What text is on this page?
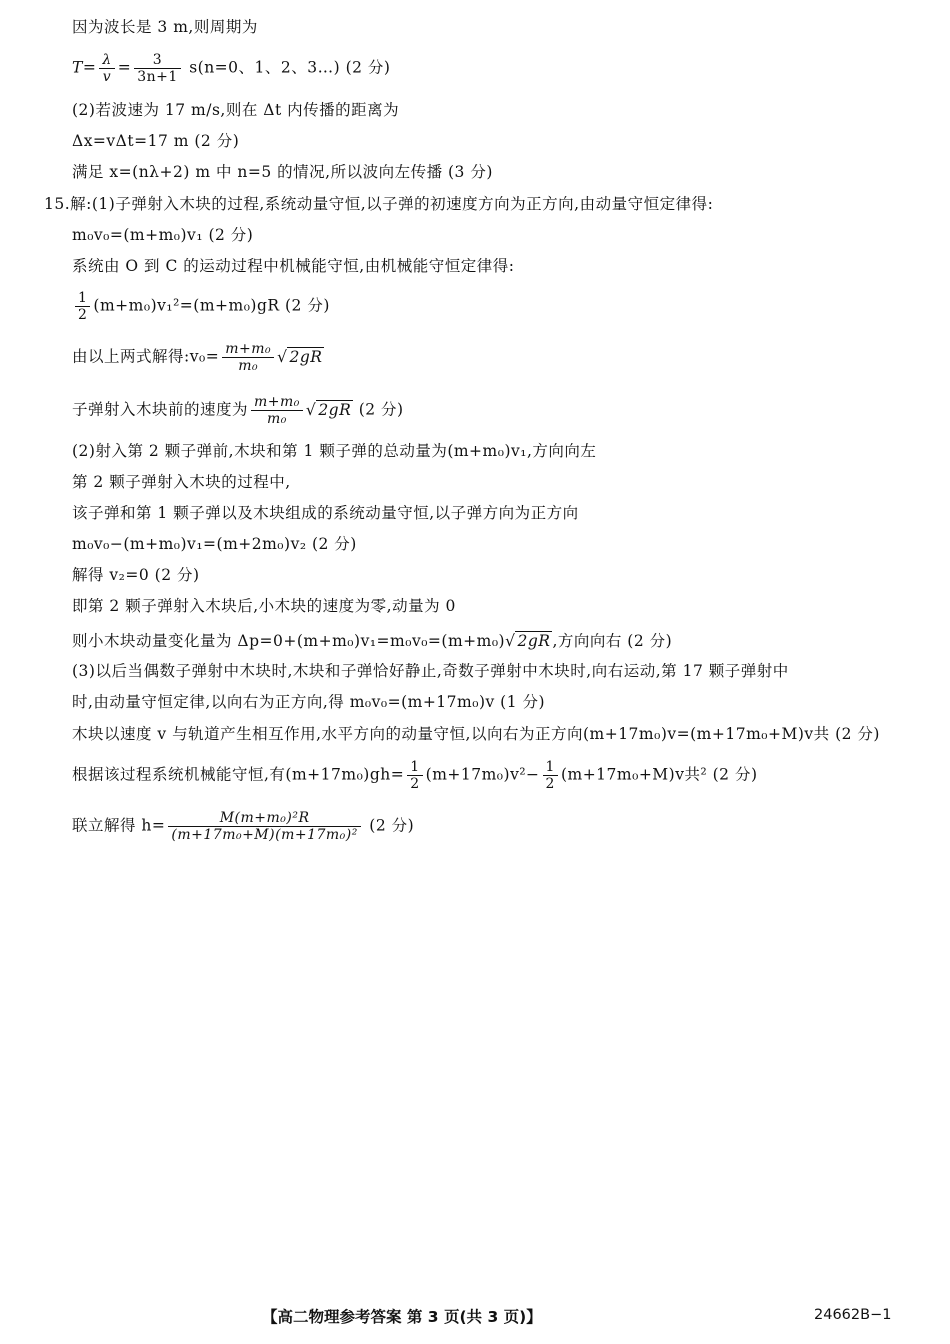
因为波长是 3 m,则周期为
$T= \frac{\lambda}{v} = \frac{3}{3n+1} s(n=0$、1、2、3…) (2 分)
(2)若波速为 17 m/s,则在 Δt 内传播的距离为
Δx=vΔt=17 m (2 分)
满足 x=(nλ+2) m 中 n=5 的情况,所以波向左传播 (3 分)
15.解:(1)子弹射入木块的过程,系统动量守恒,以子弹的初速度方向为正方向,由动量守恒定律得:
m₀v₀=(m+m₀)v₁ (2 分)
系统由 O 到 C 的运动过程中机械能守恒,由机械能守恒定律得:
$\frac{1}{2} (m+m_0)v_1^2=(m+m_0)gR$ (2 分)
由以上两式解得:v₀= $\frac{\text{m+m₀}}{\text{m₀}}$ √ 2gR
子弹射入木块前的速度为 $\frac{\text{m+m₀}}{\text{m₀}}$ √ 2gR (2 分)
(2)射入第 2 颗子弹前,木块和第 1 颗子弹的总动量为(m+m₀)v₁,方向向左
第 2 颗子弹射入木块的过程中,
该子弹和第 1 颗子弹以及木块组成的系统动量守恒,以子弹方向为正方向
m₀v₀−(m+m₀)v₁=(m+2m₀)v₂ (2 分)
解得 v₂=0 (2 分)
即第 2 颗子弹射入木块后,小木块的速度为零,动量为 0
则小木块动量变化量为 Δp=0+(m+m₀)v₁=m₀v₀=(m+m₀)√ 2gR ,方向向右 (2 分)
(3)以后当偶数子弹射中木块时,木块和子弹恰好静止,奇数子弹射中木块时,向右运动,第 17 颗子弹射中
时,由动量守恒定律,以向右为正方向,得 m₀v₀=(m+17m₀)v (1 分)
木块以速度 v 与轨道产生相互作用,水平方向的动量守恒,以向右为正方向(m+17m₀)v=(m+17m₀+M)v共 (2 分)
根据该过程系统机械能守恒,有$(m+17m_0)gh= \frac{1}{2} (m+17m_0)v^2- \frac{1}{2} (m+17m_0+M)v$共² (2 分)
联立解得 $h= \frac{\text{M(m+m₀)²R}}{\text{(m+17m₀+M)(m+17m₀)²}} (2$ 分)
【高二物理参考答案 第 3 页(共 3 页)】	24662B−1
